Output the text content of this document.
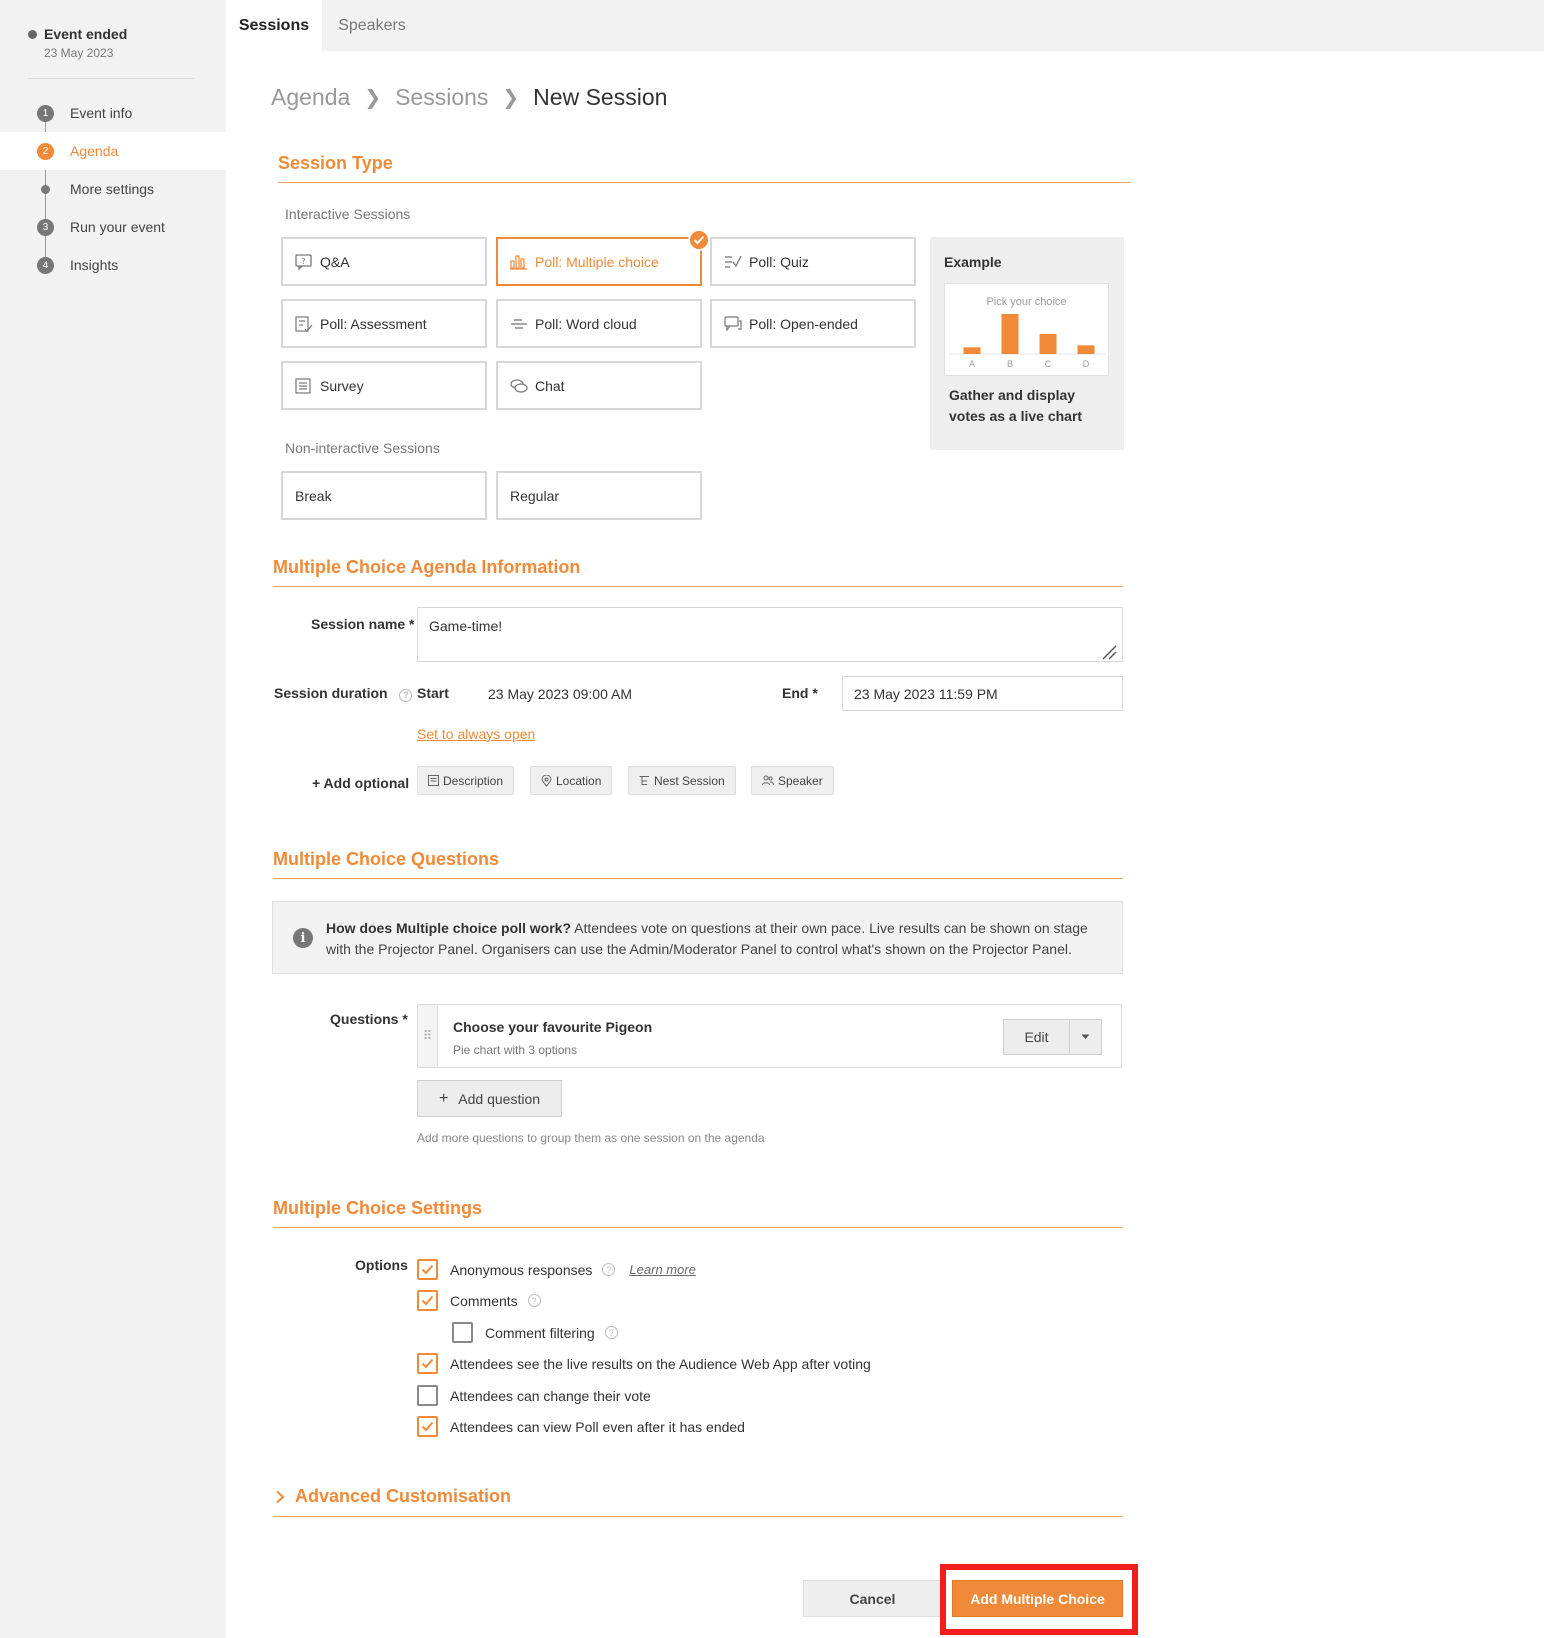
Event ended
23 May 2023
1	Event info
2	Agenda
More settings
3	Run your event
4	Insights
Sessions	Speakers
Agenda ❯ Sessions ❯ New Session
Session Type
Interactive Sessions
? Q&A	Poll: Multiple choice	Poll: Quiz
Poll: Assessment	Poll: Word cloud	Poll: Open-ended
Survey	Chat
Non-interactive Sessions
Break	Regular
Example
Pick your choice
A	B	C	D
Gather and display votes as a live chart
Multiple Choice Agenda Information
Session name *	Game-time!
Session duration ? Start	23 May 2023 09:00 AM	End *	23 May 2023 11:59 PM
Set to always open
+ Add optional	Description	Location	Nest Session	Speaker
Multiple Choice Questions
i
How does Multiple choice poll work? Attendees vote on questions at their own pace. Live results can be shown on stage with the Projector Panel. Organisers can use the Admin/Moderator Panel to control what's shown on the Projector Panel.
Questions *
⠿
Choose your favourite Pigeon
Pie chart with 3 options
Edit
+ Add question
Add more questions to group them as one session on the agenda
Multiple Choice Settings
Options	Anonymous responses	?	Learn more
Comments	?
Comment filtering	?
Attendees see the live results on the Audience Web App after voting
Attendees can change their vote
Attendees can view Poll even after it has ended
Advanced Customisation
Cancel	Add Multiple Choice
